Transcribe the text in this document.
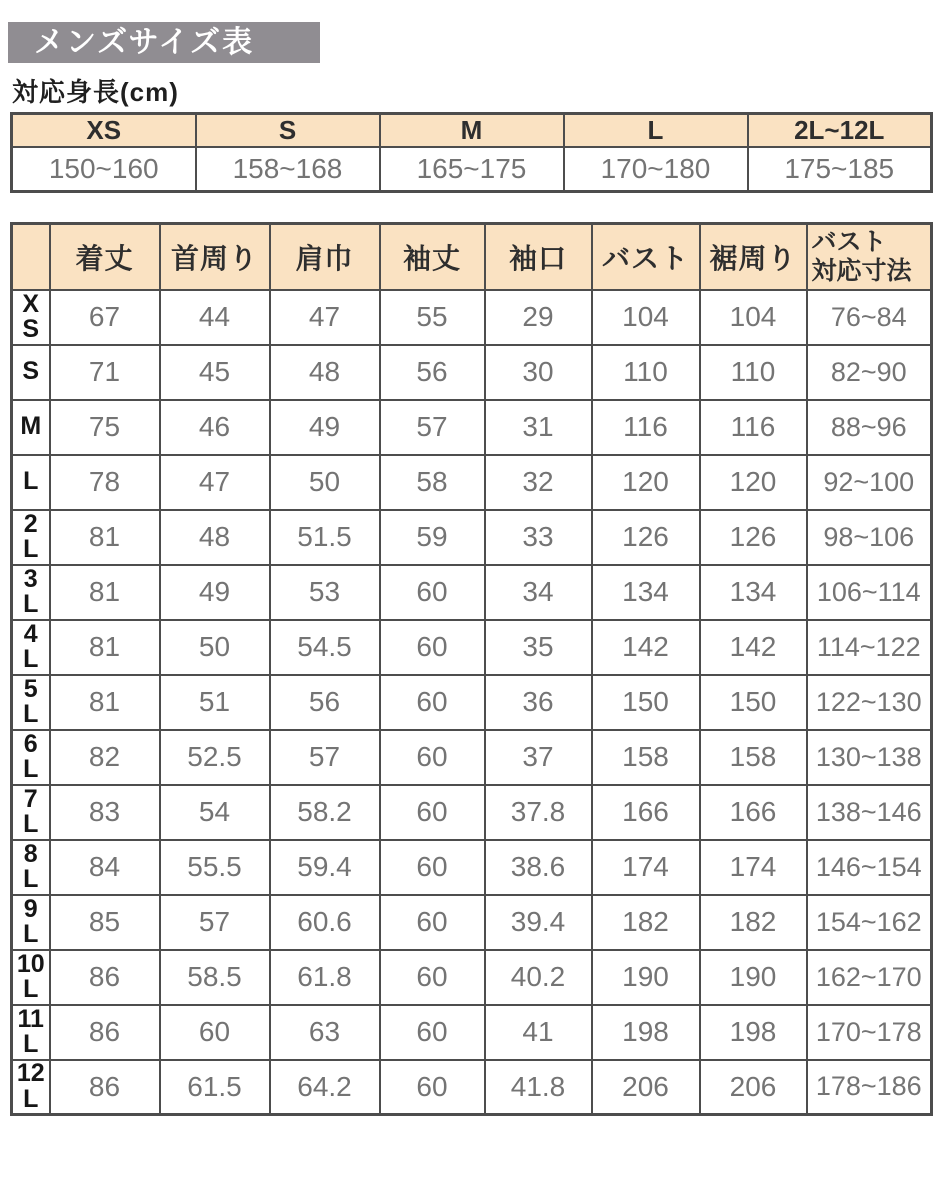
メンズサイズ表
対応身長(cm)
XS	S	M	L	2L~12L
150~160	158~168	165~175	170~180	175~185
	着丈	首周り	肩巾	袖丈	袖口	バスト	裾周り	バスト
対応寸法

X
S	67	44	47	55	29	104	104	76~84

S	71	45	48	56	30	110	110	82~90

M	75	46	49	57	31	116	116	88~96

L	78	47	50	58	32	120	120	92~100

2
L	81	48	51.5	59	33	126	126	98~106

3
L	81	49	53	60	34	134	134	106~114

4
L	81	50	54.5	60	35	142	142	114~122

5
L	81	51	56	60	36	150	150	122~130

6
L	82	52.5	57	60	37	158	158	130~138

7
L	83	54	58.2	60	37.8	166	166	138~146

8
L	84	55.5	59.4	60	38.6	174	174	146~154

9
L	85	57	60.6	60	39.4	182	182	154~162

10
L	86	58.5	61.8	60	40.2	190	190	162~170

11
L	86	60	63	60	41	198	198	170~178

12
L	86	61.5	64.2	60	41.8	206	206	178~186
